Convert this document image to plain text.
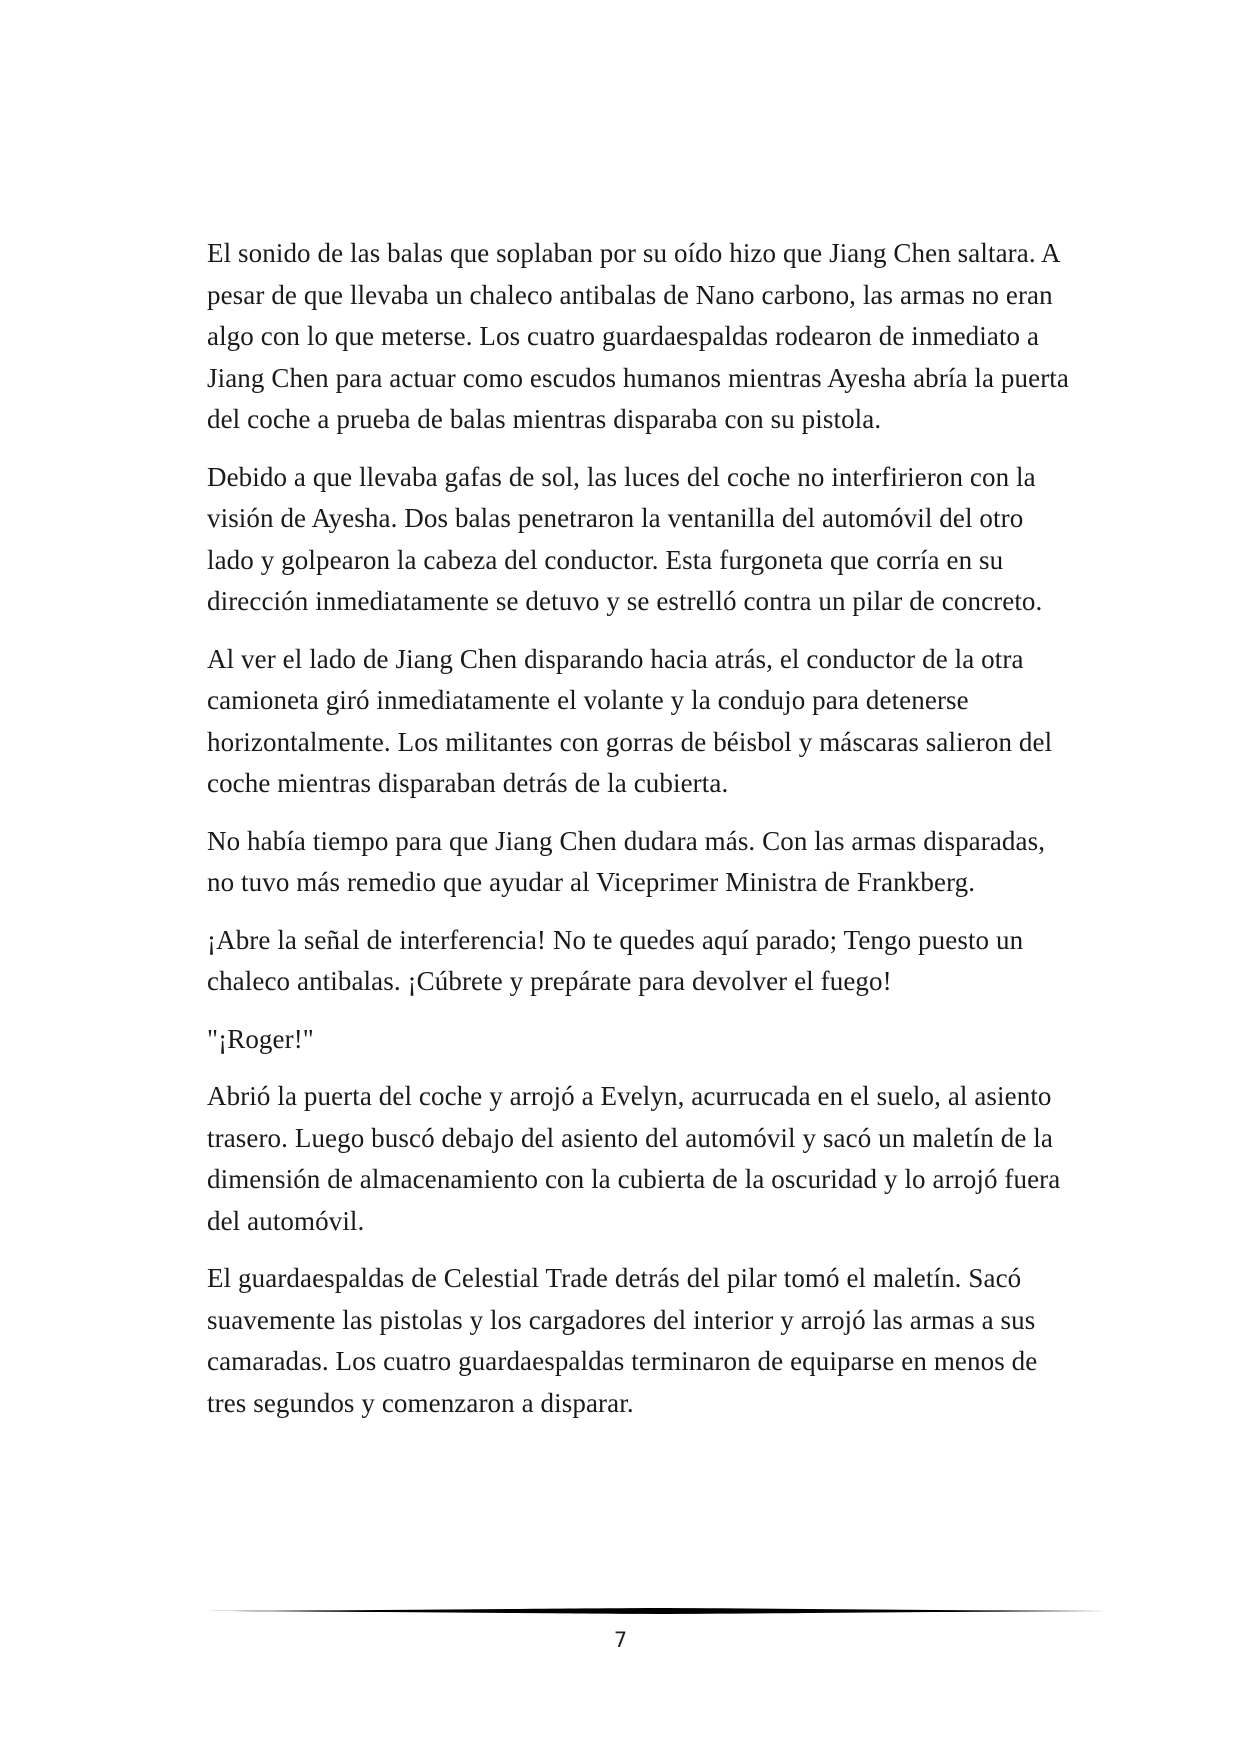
El sonido de las balas que soplaban por su oído hizo que Jiang Chen saltara. A pesar de que llevaba un chaleco antibalas de Nano carbono, las armas no eran algo con lo que meterse. Los cuatro guardaespaldas rodearon de inmediato a Jiang Chen para actuar como escudos humanos mientras Ayesha abría la puerta del coche a prueba de balas mientras disparaba con su pistola.

Debido a que llevaba gafas de sol, las luces del coche no interfirieron con la visión de Ayesha. Dos balas penetraron la ventanilla del automóvil del otro lado y golpearon la cabeza del conductor. Esta furgoneta que corría en su dirección inmediatamente se detuvo y se estrelló contra un pilar de concreto.

Al ver el lado de Jiang Chen disparando hacia atrás, el conductor de la otra camioneta giró inmediatamente el volante y la condujo para detenerse horizontalmente. Los militantes con gorras de béisbol y máscaras salieron del coche mientras disparaban detrás de la cubierta.

No había tiempo para que Jiang Chen dudara más. Con las armas disparadas, no tuvo más remedio que ayudar al Viceprimer Ministra de Frankberg.

¡Abre la señal de interferencia! No te quedes aquí parado; Tengo puesto un chaleco antibalas. ¡Cúbrete y prepárate para devolver el fuego!

"¡Roger!"

Abrió la puerta del coche y arrojó a Evelyn, acurrucada en el suelo, al asiento trasero. Luego buscó debajo del asiento del automóvil y sacó un maletín de la dimensión de almacenamiento con la cubierta de la oscuridad y lo arrojó fuera del automóvil.

El guardaespaldas de Celestial Trade detrás del pilar tomó el maletín. Sacó suavemente las pistolas y los cargadores del interior y arrojó las armas a sus camaradas. Los cuatro guardaespaldas terminaron de equiparse en menos de tres segundos y comenzaron a disparar.

7
